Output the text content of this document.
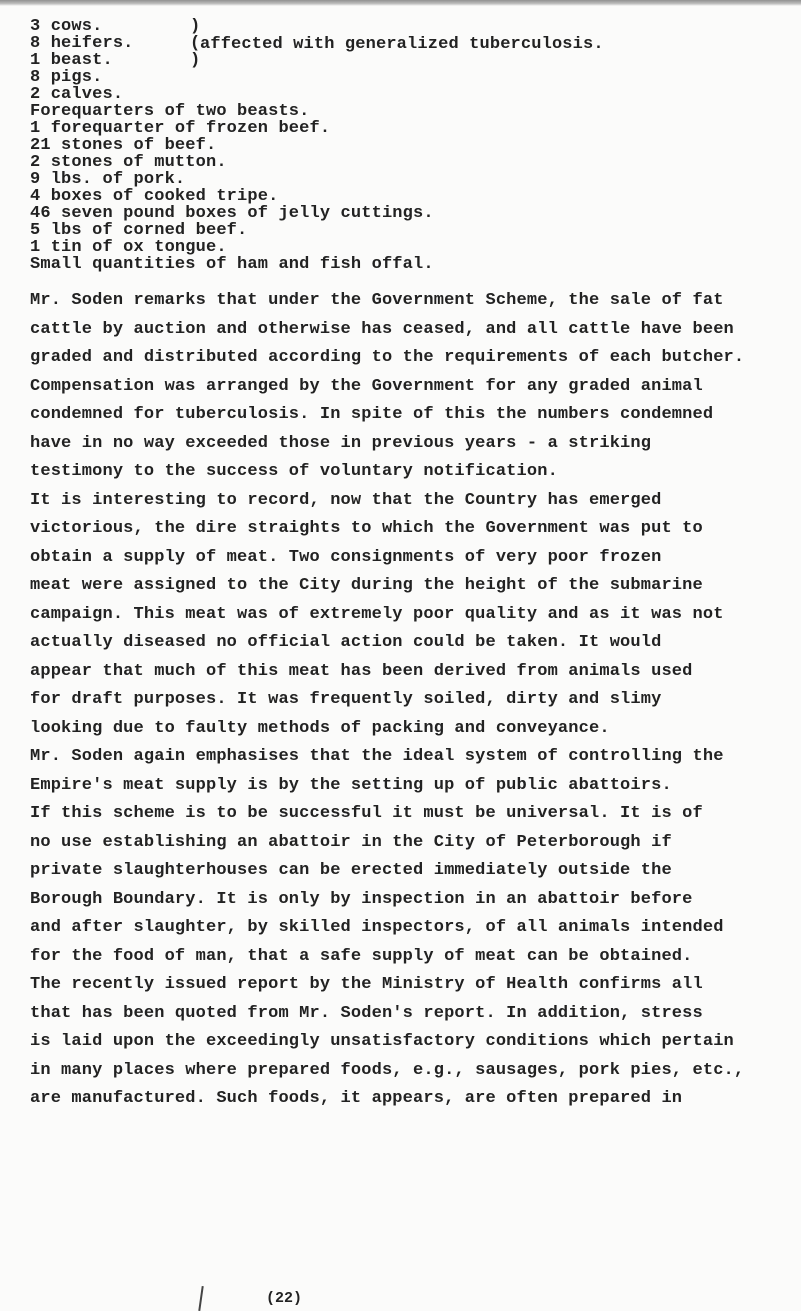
3 cows.
8 heifers.
1 beast.
)
(
)
affected with generalized tuberculosis.
8 pigs.
2 calves.
Forequarters of two beasts.
1 forequarter of frozen beef.
21 stones of beef.
2 stones of mutton.
9 lbs. of pork.
4 boxes of cooked tripe.
46 seven pound boxes of jelly cuttings.
5 lbs of corned beef.
1 tin of ox tongue.
Small quantities of ham and fish offal.
Mr. Soden remarks that under the Government Scheme, the sale of fat
cattle by auction and otherwise has ceased, and all cattle have been
graded and distributed according to the requirements of each butcher.
Compensation was arranged by the Government for any graded animal
condemned for tuberculosis. In spite of this the numbers condemned
have in no way exceeded those in previous years - a striking
testimony to the success of voluntary notification.
It is interesting to record, now that the Country has emerged
victorious, the dire straights to which the Government was put to
obtain a supply of meat. Two consignments of very poor frozen
meat were assigned to the City during the height of the submarine
campaign. This meat was of extremely poor quality and as it was not
actually diseased no official action could be taken. It would
appear that much of this meat has been derived from animals used
for draft purposes. It was frequently soiled, dirty and slimy
looking due to faulty methods of packing and conveyance.
Mr. Soden again emphasises that the ideal system of controlling the
Empire's meat supply is by the setting up of public abattoirs.
If this scheme is to be successful it must be universal. It is of
no use establishing an abattoir in the City of Peterborough if
private slaughterhouses can be erected immediately outside the
Borough Boundary. It is only by inspection in an abattoir before
and after slaughter, by skilled inspectors, of all animals intended
for the food of man, that a safe supply of meat can be obtained.
The recently issued report by the Ministry of Health confirms all
that has been quoted from Mr. Soden's report. In addition, stress
is laid upon the exceedingly unsatisfactory conditions which pertain
in many places where prepared foods, e.g., sausages, pork pies, etc.,
are manufactured. Such foods, it appears, are often prepared in
(22)
